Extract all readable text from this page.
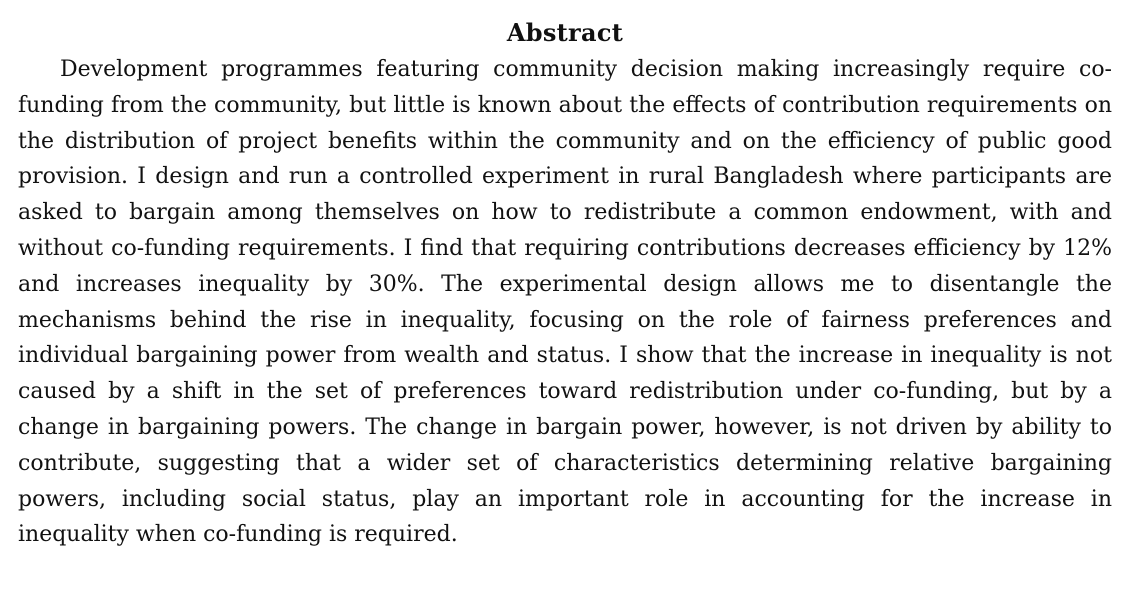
Abstract

Development programmes featuring community decision making increasingly require co-funding from the community, but little is known about the effects of contribution requirements on the distribution of project benefits within the community and on the efficiency of public good provision. I design and run a controlled experiment in rural Bangladesh where participants are asked to bargain among themselves on how to redistribute a common endowment, with and without co-funding requirements. I find that requiring contributions decreases efficiency by 12% and increases inequality by 30%. The experimental design allows me to disentangle the mechanisms behind the rise in inequality, focusing on the role of fairness preferences and individual bargaining power from wealth and status. I show that the increase in inequality is not caused by a shift in the set of preferences toward redistribution under co-funding, but by a change in bargaining powers. The change in bargain power, however, is not driven by ability to contribute, suggesting that a wider set of characteristics determining relative bargaining powers, including social status, play an important role in accounting for the increase in inequality when co-funding is required.
